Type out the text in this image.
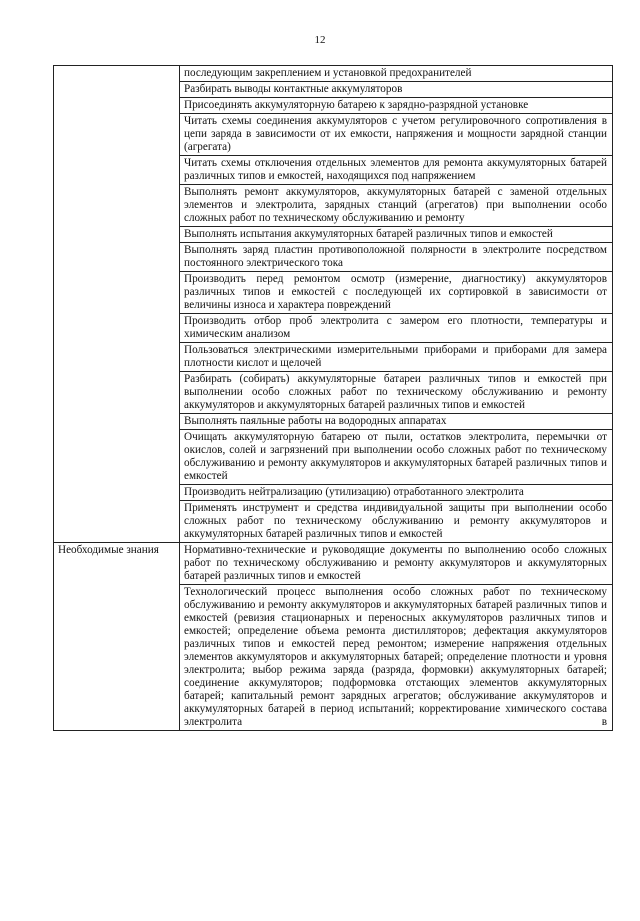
12
	последующим закреплением и установкой предохранителей
	Разбирать выводы контактные аккумуляторов
	Присоединять аккумуляторную батарею к зарядно-разрядной установке
	Читать схемы соединения аккумуляторов с учетом регулировочного сопротивления в цепи заряда в зависимости от их емкости, напряжения и мощности зарядной станции (агрегата)
	Читать схемы отключения отдельных элементов для ремонта аккумуляторных батарей различных типов и емкостей, находящихся под напряжением
	Выполнять ремонт аккумуляторов, аккумуляторных батарей с заменой отдельных элементов и электролита, зарядных станций (агрегатов) при выполнении особо сложных работ по техническому обслуживанию и ремонту
	Выполнять испытания аккумуляторных батарей различных типов и емкостей
	Выполнять заряд пластин противоположной полярности в электролите посредством постоянного электрического тока
	Производить перед ремонтом осмотр (измерение, диагностику) аккумуляторов различных типов и емкостей с последующей их сортировкой в зависимости от величины износа и характера повреждений
	Производить отбор проб электролита с замером его плотности, температуры и химическим анализом
	Пользоваться электрическими измерительными приборами и приборами для замера плотности кислот и щелочей
	Разбирать (собирать) аккумуляторные батареи различных типов и емкостей при выполнении особо сложных работ по техническому обслуживанию и ремонту аккумуляторов и аккумуляторных батарей различных типов и емкостей
	Выполнять паяльные работы на водородных аппаратах
	Очищать аккумуляторную батарею от пыли, остатков электролита, перемычки от окислов, солей и загрязнений при выполнении особо сложных работ по техническому обслуживанию и ремонту аккумуляторов и аккумуляторных батарей различных типов и емкостей
	Производить нейтрализацию (утилизацию) отработанного электролита
	Применять инструмент и средства индивидуальной защиты при выполнении особо сложных работ по техническому обслуживанию и ремонту аккумуляторов и аккумуляторных батарей различных типов и емкостей
Необходимые знания	Нормативно-технические и руководящие документы по выполнению особо сложных работ по техническому обслуживанию и ремонту аккумуляторов и аккумуляторных батарей различных типов и емкостей
	Технологический процесс выполнения особо сложных работ по техническому обслуживанию и ремонту аккумуляторов и аккумуляторных батарей различных типов и емкостей (ревизия стационарных и переносных аккумуляторов различных типов и емкостей; определение объема ремонта дистилляторов; дефектация аккумуляторов различных типов и емкостей перед ремонтом; измерение напряжения отдельных элементов аккумуляторов и аккумуляторных батарей; определение плотности и уровня электролита; выбор режима заряда (разряда, формовки) аккумуляторных батарей; соединение аккумуляторов; подформовка отстающих элементов аккумуляторных батарей; капитальный ремонт зарядных агрегатов; обслуживание аккумуляторов и аккумуляторных батарей в период испытаний; корректирование химического состава электролита в
